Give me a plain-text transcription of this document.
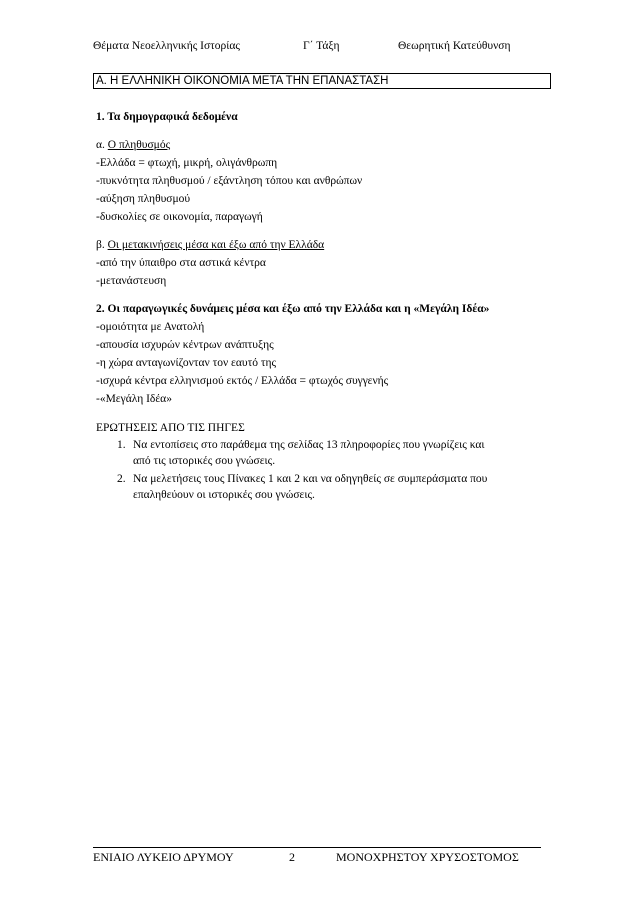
Θέματα Νεοελληνικής Ιστορίας	Γ΄ Τάξη	Θεωρητική Κατεύθυνση
Α. Η ΕΛΛΗΝΙΚΗ ΟΙΚΟΝΟΜΙΑ ΜΕΤΑ ΤΗΝ ΕΠΑΝΑΣΤΑΣΗ
1. Τα δημογραφικά δεδομένα
α. Ο πληθυσμός
-Ελλάδα = φτωχή, μικρή, ολιγάνθρωπη
-πυκνότητα πληθυσμού / εξάντληση τόπου και ανθρώπων
-αύξηση πληθυσμού
-δυσκολίες σε οικονομία, παραγωγή
β. Οι μετακινήσεις μέσα και έξω από την Ελλάδα
-από την ύπαιθρο στα αστικά κέντρα
-μετανάστευση
2. Οι παραγωγικές δυνάμεις μέσα και έξω από την Ελλάδα και η «Μεγάλη Ιδέα»
-ομοιότητα με Ανατολή
-απουσία ισχυρών κέντρων ανάπτυξης
-η χώρα ανταγωνίζονταν τον εαυτό της
-ισχυρά κέντρα ελληνισμού εκτός / Ελλάδα = φτωχός συγγενής
-«Μεγάλη Ιδέα»
ΕΡΩΤΗΣΕΙΣ ΑΠΟ ΤΙΣ ΠΗΓΕΣ
1. Να εντοπίσεις στο παράθεμα της σελίδας 13 πληροφορίες που γνωρίζεις και
από τις ιστορικές σου γνώσεις.
2. Να μελετήσεις τους Πίνακες 1 και 2 και να οδηγηθείς σε συμπεράσματα που
επαληθεύουν οι ιστορικές σου γνώσεις.
ΕΝΙΑΙΟ ΛΥΚΕΙΟ ΔΡΥΜΟΥ	2	ΜΟΝΟΧΡΗΣΤΟΥ ΧΡΥΣΟΣΤΟΜΟΣ
